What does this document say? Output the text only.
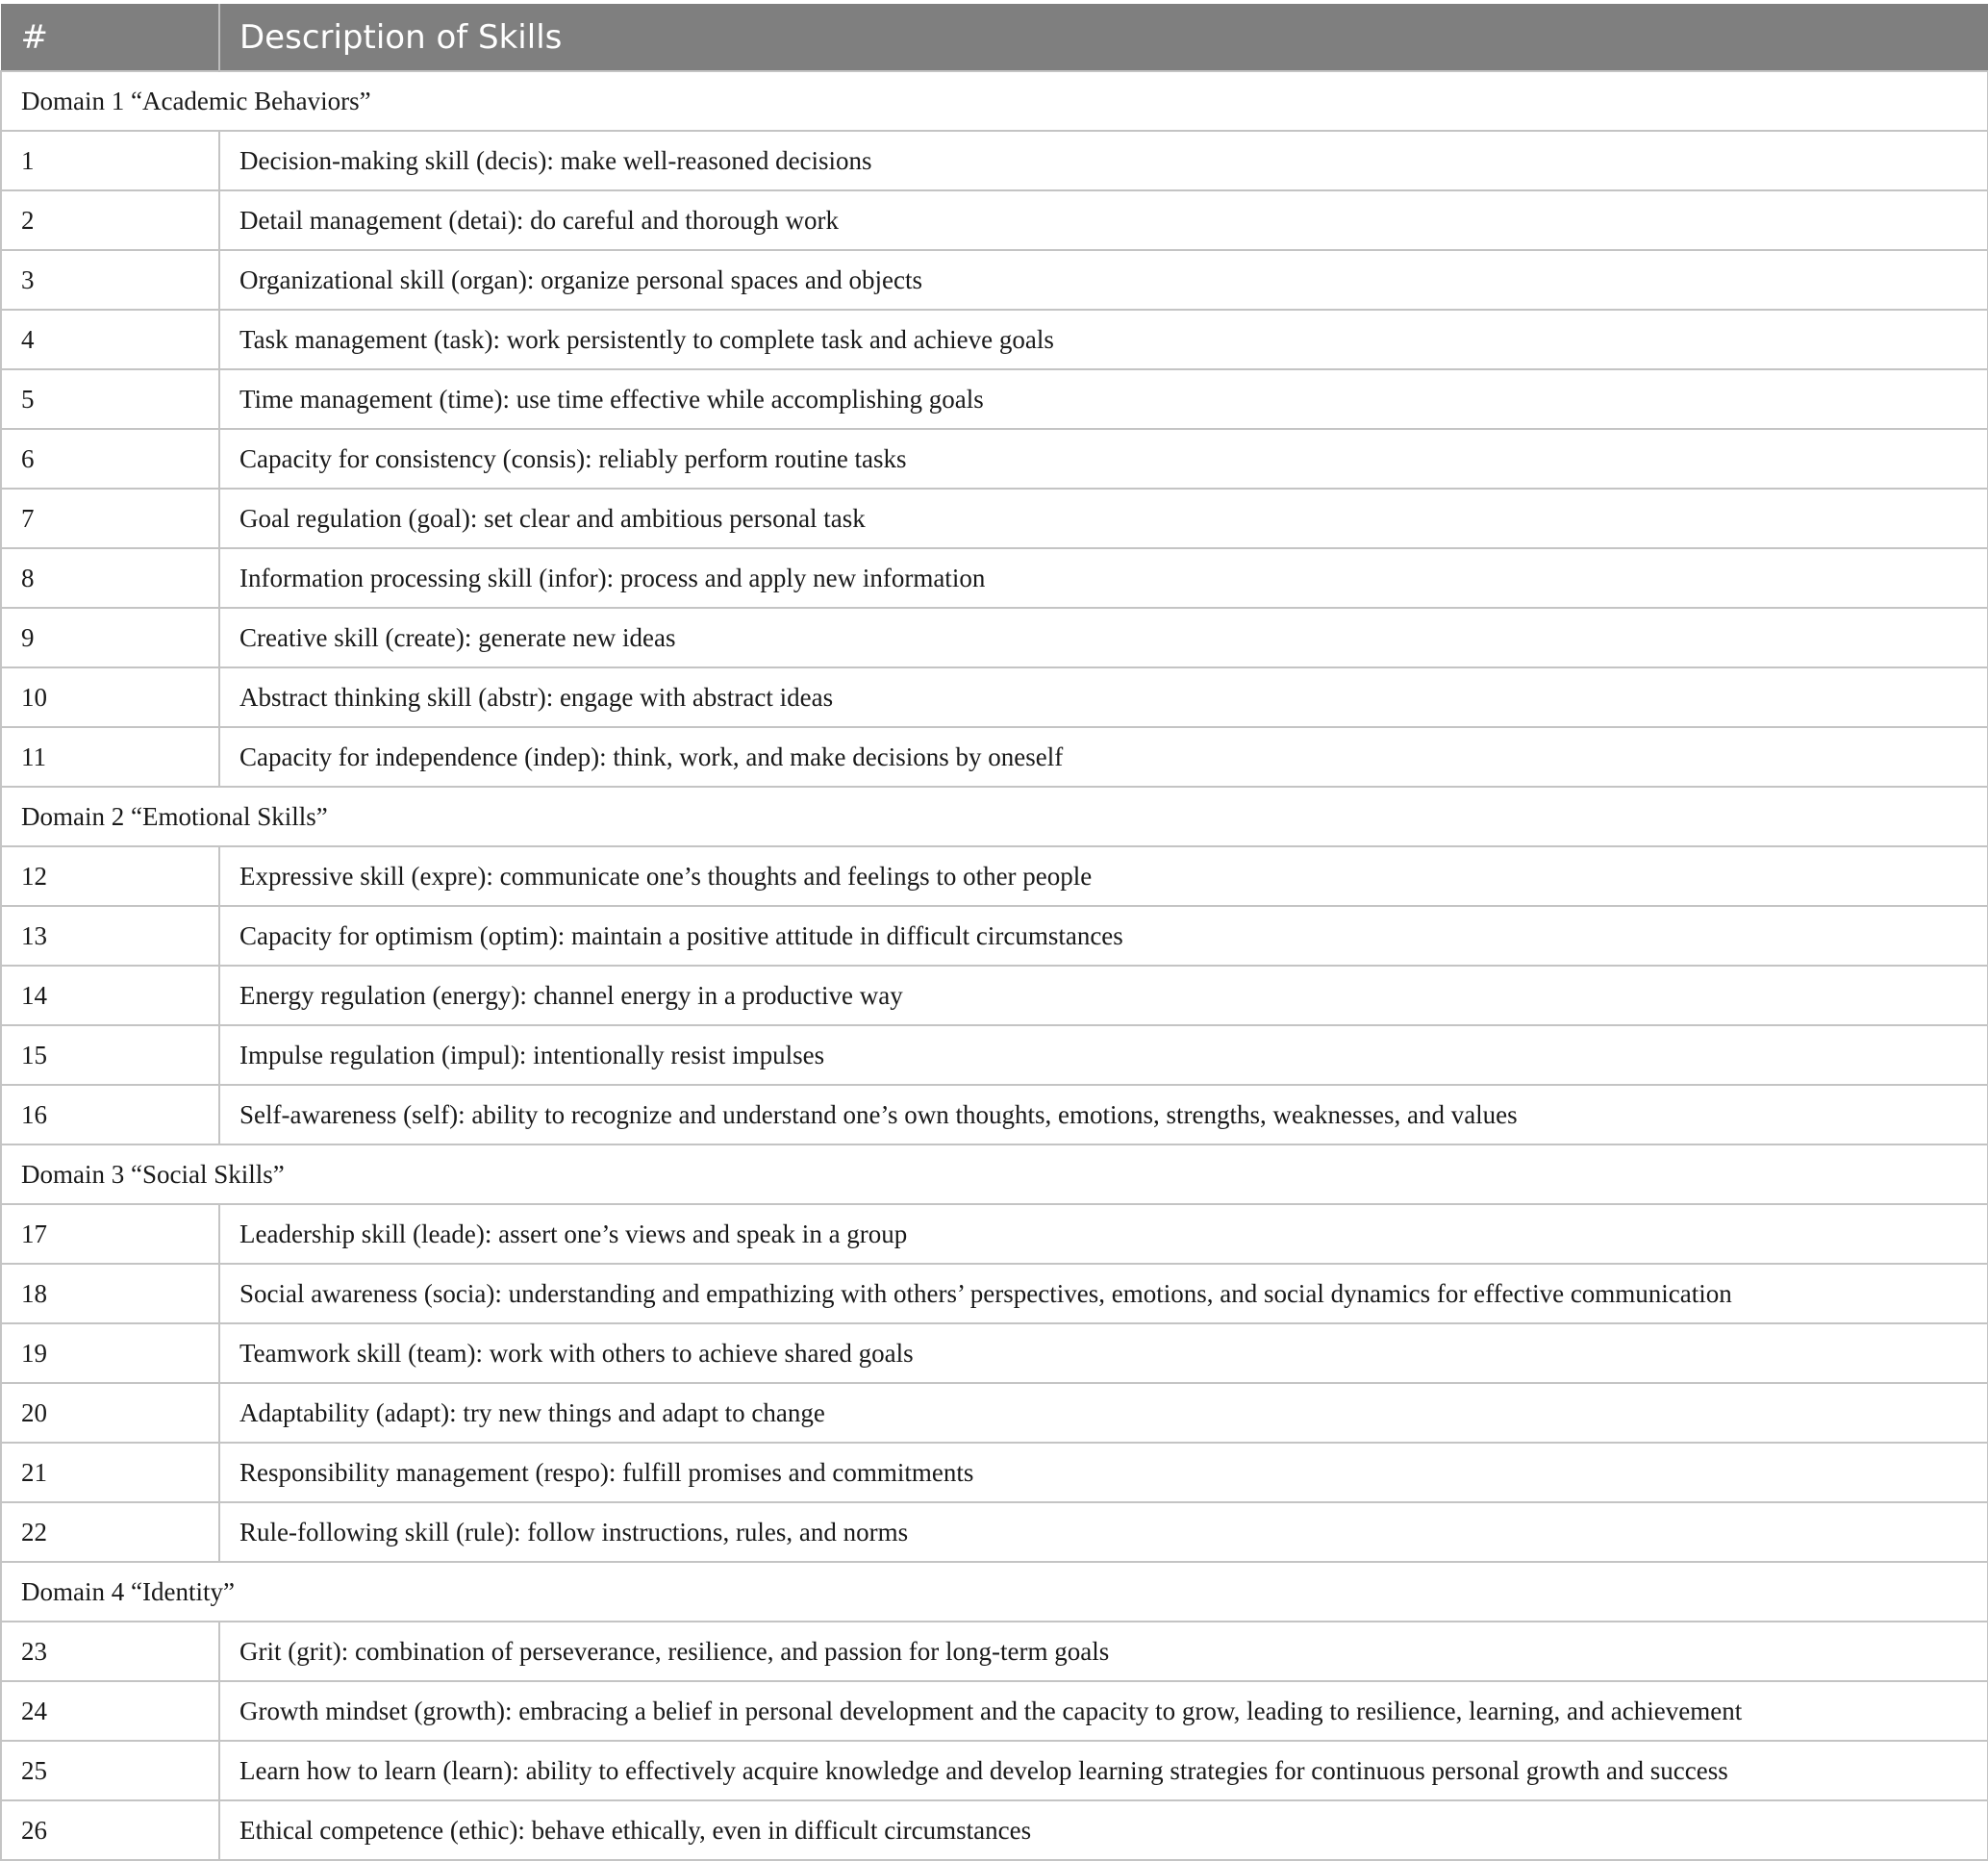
#	Description of Skills
Domain 1 “Academic Behaviors”	
1	Decision-making skill (decis): make well-reasoned decisions
2	Detail management (detai): do careful and thorough work
3	Organizational skill (organ): organize personal spaces and objects
4	Task management (task): work persistently to complete task and achieve goals
5	Time management (time): use time effective while accomplishing goals
6	Capacity for consistency (consis): reliably perform routine tasks
7	Goal regulation (goal): set clear and ambitious personal task
8	Information processing skill (infor): process and apply new information
9	Creative skill (create): generate new ideas
10	Abstract thinking skill (abstr): engage with abstract ideas
11	Capacity for independence (indep): think, work, and make decisions by oneself
Domain 2 “Emotional Skills”	
12	Expressive skill (expre): communicate one’s thoughts and feelings to other people
13	Capacity for optimism (optim): maintain a positive attitude in difficult circumstances
14	Energy regulation (energy): channel energy in a productive way
15	Impulse regulation (impul): intentionally resist impulses
16	Self-awareness (self): ability to recognize and understand one’s own thoughts, emotions, strengths, weaknesses, and values
Domain 3 “Social Skills”	
17	Leadership skill (leade): assert one’s views and speak in a group
18	Social awareness (socia): understanding and empathizing with others’ perspectives, emotions, and social dynamics for effective communication
19	Teamwork skill (team): work with others to achieve shared goals
20	Adaptability (adapt): try new things and adapt to change
21	Responsibility management (respo): fulfill promises and commitments
22	Rule-following skill (rule): follow instructions, rules, and norms
Domain 4 “Identity”	
23	Grit (grit): combination of perseverance, resilience, and passion for long-term goals
24	Growth mindset (growth): embracing a belief in personal development and the capacity to grow, leading to resilience, learning, and achievement
25	Learn how to learn (learn): ability to effectively acquire knowledge and develop learning strategies for continuous personal growth and success
26	Ethical competence (ethic): behave ethically, even in difficult circumstances
